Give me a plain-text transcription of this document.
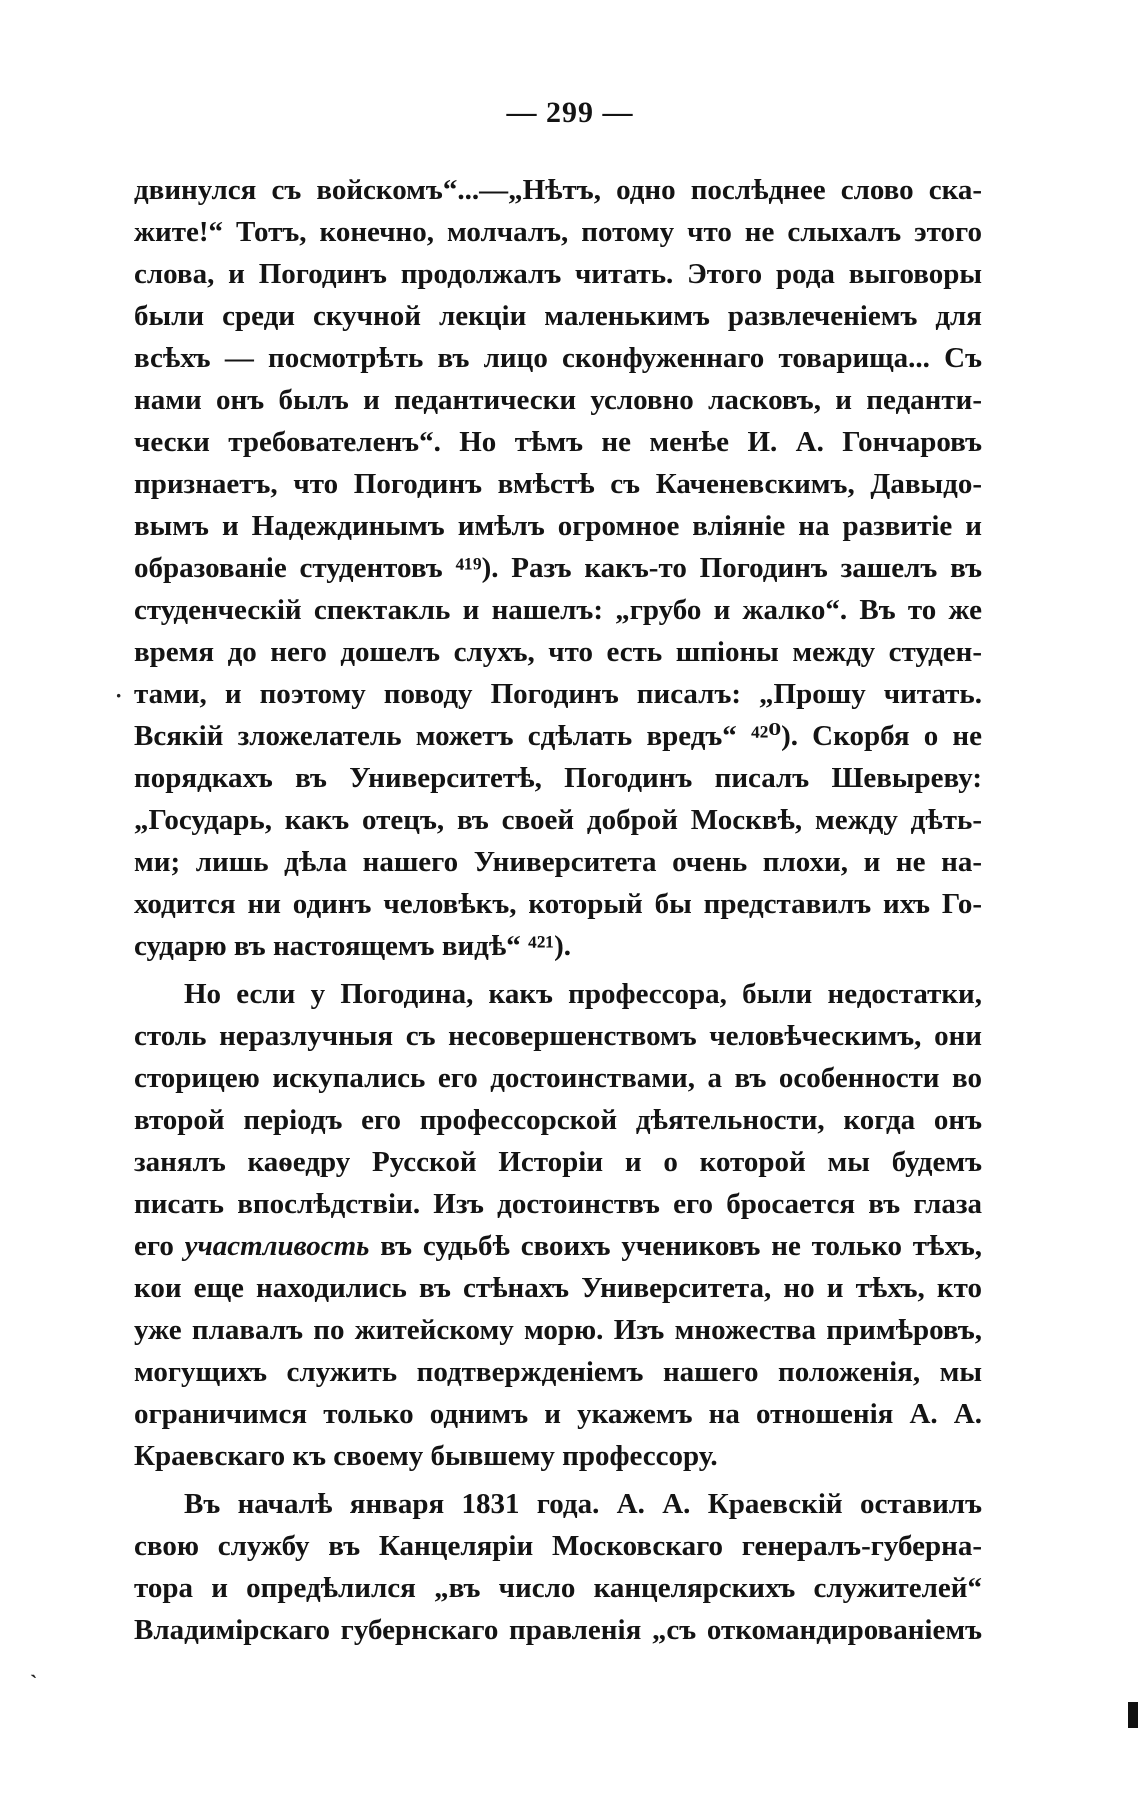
— 299 —
двинулся съ войскомъ“...—„Нѣтъ, одно послѣднее слово ска-
жите!“ Тотъ, конечно, молчалъ, потому что не слыхалъ этого
слова, и Погодинъ продолжалъ читать. Этого рода выговоры
были среди скучной лекціи маленькимъ развлеченіемъ для
всѣхъ — посмотрѣть въ лицо сконфуженнаго товарища... Съ
нами онъ былъ и педантически условно ласковъ, и педанти-
чески требователенъ“. Но тѣмъ не менѣе И. А. Гончаровъ
признаетъ, что Погодинъ вмѣстѣ съ Каченевскимъ, Давыдо-
вымъ и Надеждинымъ имѣлъ огромное вліяніе на развитіе и
образованіе студентовъ ⁴¹⁹). Разъ какъ-то Погодинъ зашелъ въ
студенческій спектакль и нашелъ: „грубо и жалко“. Въ то же
время до него дошелъ слухъ, что есть шпіоны между студен-
тами, и поэтому поводу Погодинъ писалъ: „Прошу читать.
Всякій зложелатель можетъ сдѣлать вредъ“ ⁴²⁰). Скорбя о не
порядкахъ въ Университетѣ, Погодинъ писалъ Шевыреву:
„Государь, какъ отецъ, въ своей доброй Москвѣ, между дѣть-
ми; лишь дѣла нашего Университета очень плохи, и не на-
ходится ни одинъ человѣкъ, который бы представилъ ихъ Го-
сударю въ настоящемъ видѣ“ ⁴²¹).
Но если у Погодина, какъ профессора, были недостатки,
столь неразлучныя съ несовершенствомъ человѣческимъ, они
сторицею искупались его достоинствами, а въ особенности во
второй періодъ его профессорской дѣятельности, когда онъ
занялъ каѳедру Русской Исторіи и о которой мы будемъ
писать впослѣдствіи. Изъ достоинствъ его бросается въ глаза
его участливость въ судьбѣ своихъ учениковъ не только тѣхъ,
кои еще находились въ стѣнахъ Университета, но и тѣхъ, кто
уже плавалъ по житейскому морю. Изъ множества примѣровъ,
могущихъ служить подтвержденіемъ нашего положенія, мы
ограничимся только однимъ и укажемъ на отношенія А. А.
Краевскаго къ своему бывшему профессору.
Въ началѣ января 1831 года. А. А. Краевскій оставилъ
свою службу въ Канцеляріи Московскаго генералъ-губерна-
тора и опредѣлился „въ число канцелярскихъ служителей“
Владимірскаго губернскаго правленія „съ откомандированіемъ
·
`
